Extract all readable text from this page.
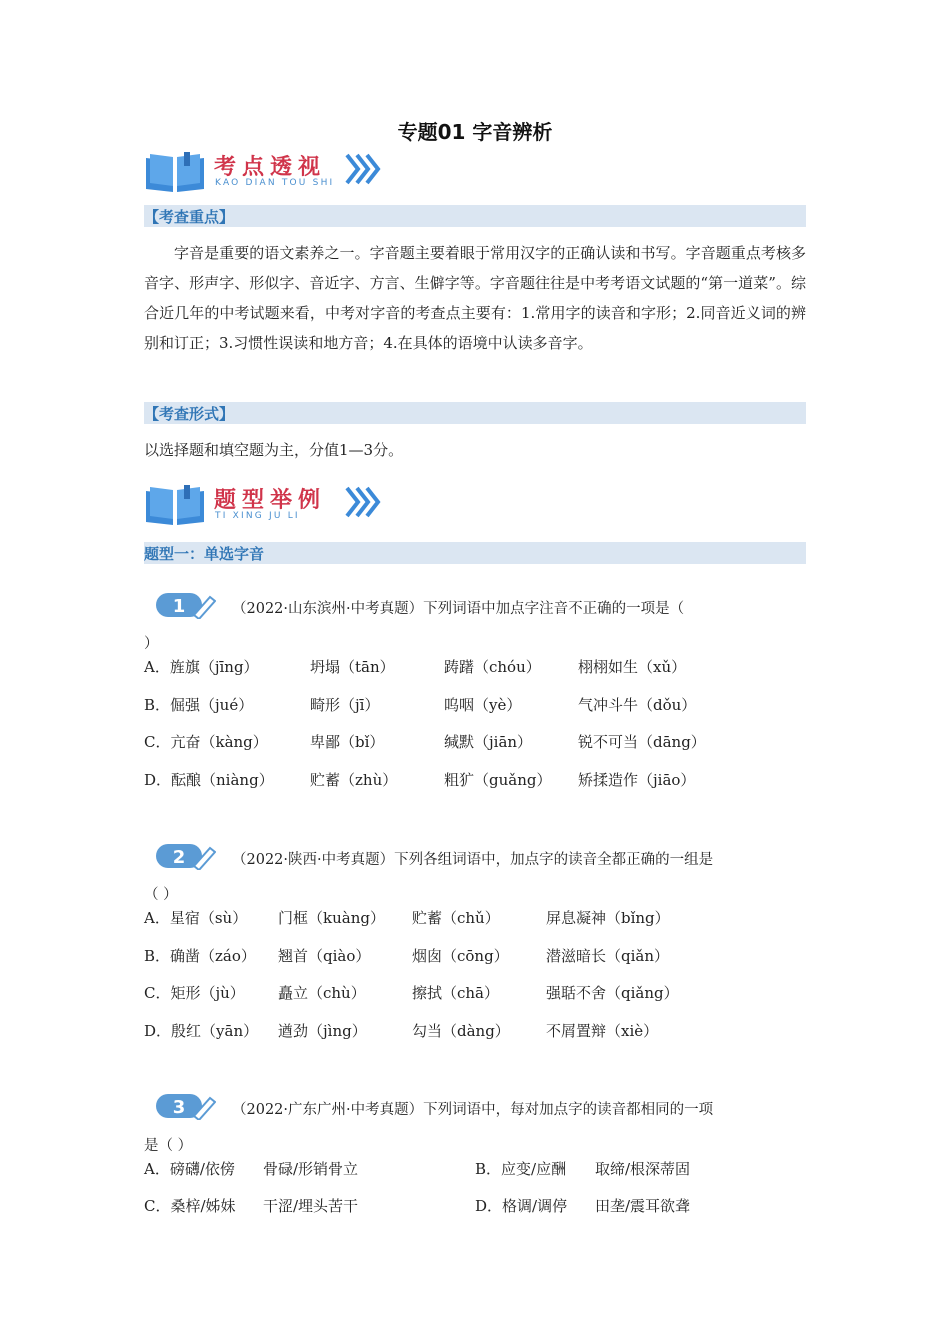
专题01 字音辨析
考点透视
KAO DIAN TOU SHI
【考查重点】

字音是重要的语文素养之一。字音题主要着眼于常用汉字的正确认读和书写。字音题重点考核多音字、形声字、形似字、音近字、方言、生僻字等。字音题往往是中考考语文试题的“第一道菜”。综合近几年的中考试题来看，中考对字音的考查点主要有：1.常用字的读音和字形；2.同音近义词的辨别和订正；3.习惯性误读和地方音；4.在具体的语境中认读多音字。

【考查形式】
以选择题和填空题为主，分值1—3分。
题型举例
TI XING JU LI
题型一：单选字音
1	（2022·山东滨州·中考真题）下列词语中加点字注音不正确的一项是（
）
A．旌旗（jīng）	坍塌（tān）	踌躇（chóu） 栩栩如生（xǔ）
B．倔强（jué）	畸形（jī）	呜咽（yè）	气冲斗牛（dǒu）
C．亢奋（kàng）	卑鄙（bǐ）	缄默（jiān）	锐不可当（dāng）
D．酝酿（niàng） 贮蓄（zhù）	粗犷（guǎng） 矫揉造作（jiāo）
2	（2022·陕西·中考真题）下列各组词语中，加点字的读音全都正确的一组是
（ ）
A．星宿（sù） 门框（kuàng） 贮蓄（chǔ）	屏息凝神（bǐng）
B．确凿（záo） 翘首（qiào）	烟囱（cōng） 潜滋暗长（qiǎn）
C．矩形（jù） 矗立（chù）	擦拭（chā）	强聒不舍（qiǎng）
D．殷红（yān） 遒劲（jìng）	勾当（dàng） 不屑置辩（xiè）
3	（2022·广东广州·中考真题）下列词语中，每对加点字的读音都相同的一项
是（ ）
A．磅礴/依傍 骨碌/形销骨立	B．应变/应酬 取缔/根深蒂固
C．桑梓/姊妹 干涩/埋头苦干	D．格调/调停 田垄/震耳欲聋
